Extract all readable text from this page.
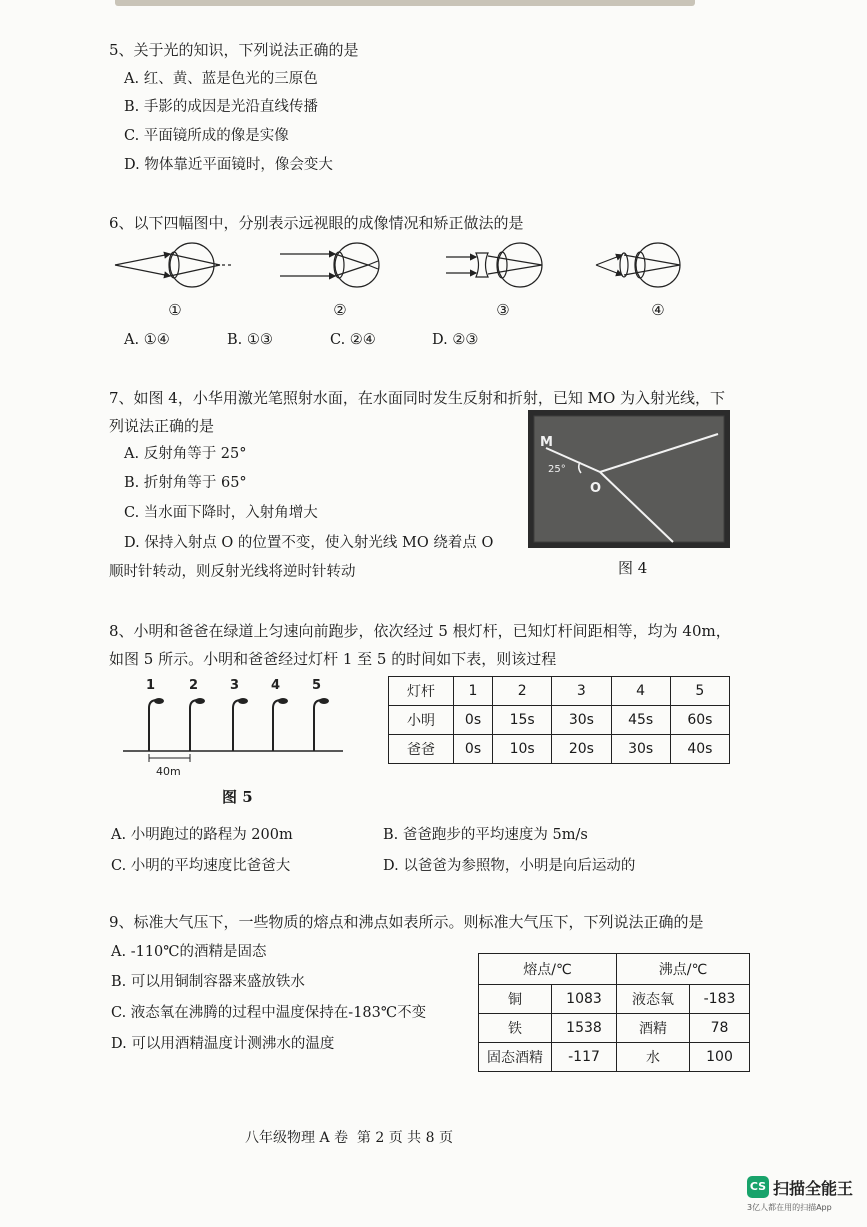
5、关于光的知识，下列说法正确的是
A. 红、黄、蓝是色光的三原色
B. 手影的成因是光沿直线传播
C. 平面镜所成的像是实像
D. 物体靠近平面镜时，像会变大
6、以下四幅图中，分别表示远视眼的成像情况和矫正做法的是
①	②	③	④
A. ①④	B. ①③	C. ②④	D. ②③
7、如图 4，小华用激光笔照射水面，在水面同时发生反射和折射，已知 MO 为入射光线，下
列说法正确的是
A. 反射角等于 25°
B. 折射角等于 65°
C. 当水面下降时，入射角增大
D. 保持入射点 O 的位置不变，使入射光线 MO 绕着点 O
顺时针转动，则反射光线将逆时针转动
M
O
25°
图 4
8、小明和爸爸在绿道上匀速向前跑步，依次经过 5 根灯杆，已知灯杆间距相等，均为 40m，
如图 5 所示。小明和爸爸经过灯杆 1 至 5 的时间如下表，则该过程
1	2 3 4 5
40m
图 5
灯杆	1	2	3	4	5
小明	0s	15s	30s	45s	60s
爸爸	0s	10s	20s	30s	40s
A. 小明跑过的路程为 200m	B. 爸爸跑步的平均速度为 5m/s
C. 小明的平均速度比爸爸大	D. 以爸爸为参照物，小明是向后运动的
9、标准大气压下，一些物质的熔点和沸点如表所示。则标准大气压下，下列说法正确的是
A. -110℃的酒精是固态
B. 可以用铜制容器来盛放铁水
C. 液态氧在沸腾的过程中温度保持在-183℃不变
D. 可以用酒精温度计测沸水的温度
熔点/℃		沸点/℃	
铜	1083	液态氧	-183
铁	1538	酒精	78
固态酒精	-117	水	100
八年级物理 A 卷  第 2 页 共 8 页
CS 扫描全能王
3亿人都在用的扫描App
